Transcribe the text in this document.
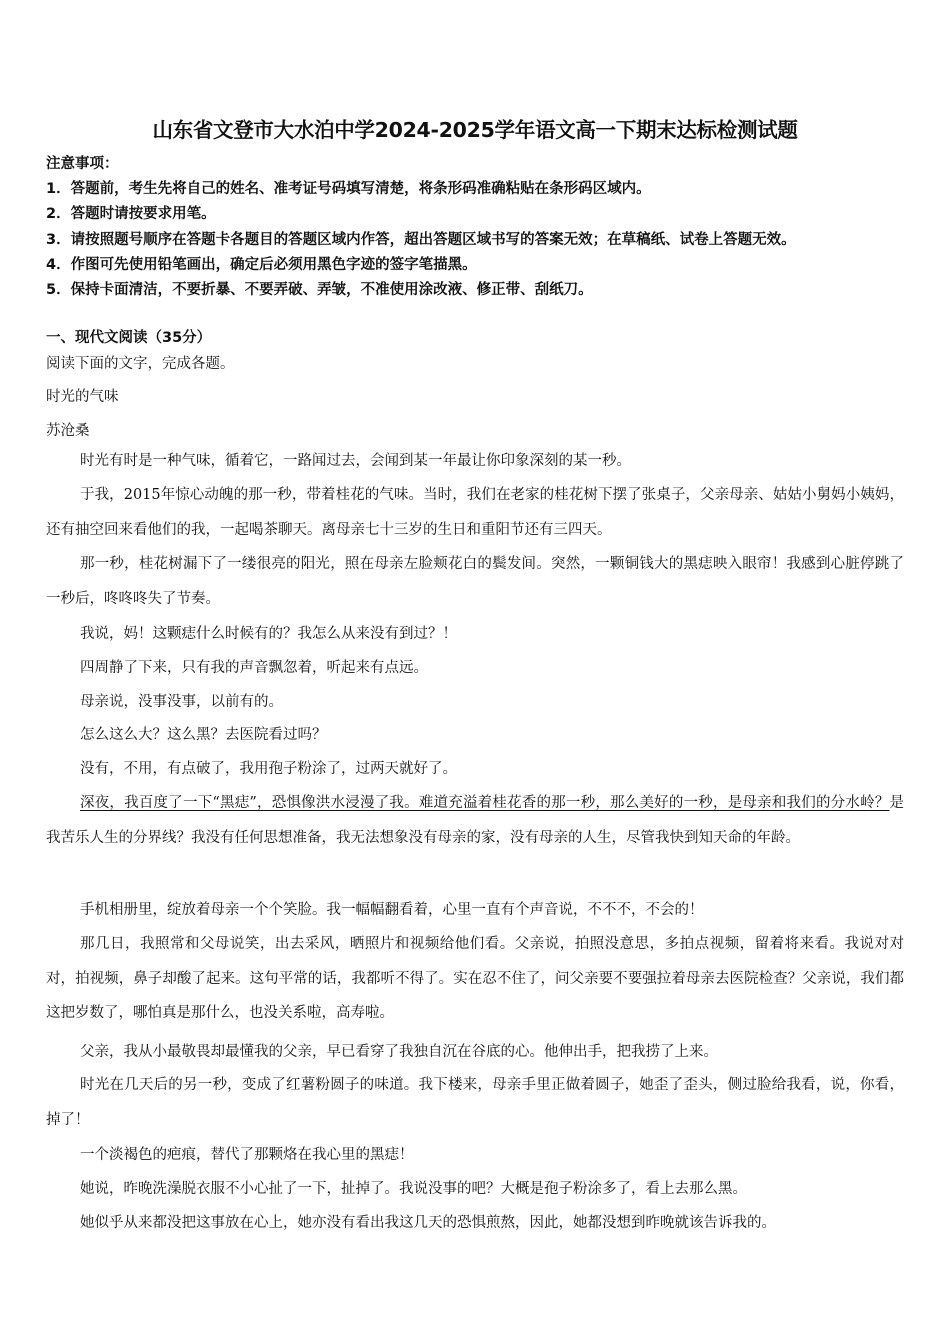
山东省文登市大水泊中学2024-2025学年语文高一下期末达标检测试题
注意事项：
1．答题前，考生先将自己的姓名、准考证号码填写清楚，将条形码准确粘贴在条形码区域内。
2．答题时请按要求用笔。
3．请按照题号顺序在答题卡各题目的答题区域内作答，超出答题区域书写的答案无效；在草稿纸、试卷上答题无效。
4．作图可先使用铅笔画出，确定后必须用黑色字迹的签字笔描黑。
5．保持卡面清洁，不要折暴、不要弄破、弄皱，不准使用涂改液、修正带、刮纸刀。
一、现代文阅读（35分）
阅读下面的文字，完成各题。
时光的气味
苏沧桑
时光有时是一种气味，循着它，一路闻过去，会闻到某一年最让你印象深刻的某一秒。
于我，2015年惊心动魄的那一秒，带着桂花的气味。当时，我们在老家的桂花树下摆了张桌子，父亲母亲、姑姑小舅妈小姨妈，还有抽空回来看他们的我，一起喝茶聊天。离母亲七十三岁的生日和重阳节还有三四天。
那一秒，桂花树漏下了一缕很亮的阳光，照在母亲左脸颊花白的鬓发间。突然，一颗铜钱大的黑痣映入眼帘！我感到心脏停跳了一秒后，咚咚咚失了节奏。
我说，妈！这颗痣什么时候有的？我怎么从来没有到过？！
四周静了下来，只有我的声音飘忽着，听起来有点远。
母亲说，没事没事，以前有的。
怎么这么大？这么黑？去医院看过吗？
没有，不用，有点破了，我用孢子粉涂了，过两天就好了。
深夜，我百度了一下“黑痣”，恐惧像洪水浸漫了我。难道充溢着桂花香的那一秒，那么美好的一秒，是母亲和我们的分水岭？是我苦乐人生的分界线？我没有任何思想准备，我无法想象没有母亲的家，没有母亲的人生，尽管我快到知天命的年龄。
手机相册里，绽放着母亲一个个笑脸。我一幅幅翻看着，心里一直有个声音说，不不不，不会的！
那几日，我照常和父母说笑，出去采风，晒照片和视频给他们看。父亲说，拍照没意思，多拍点视频，留着将来看。我说对对对，拍视频，鼻子却酸了起来。这句平常的话，我都听不得了。实在忍不住了，问父亲要不要强拉着母亲去医院检查？父亲说，我们都这把岁数了，哪怕真是那什么，也没关系啦，高寿啦。
父亲，我从小最敬畏却最懂我的父亲，早已看穿了我独自沉在谷底的心。他伸出手，把我捞了上来。
时光在几天后的另一秒，变成了红薯粉圆子的味道。我下楼来，母亲手里正做着圆子，她歪了歪头，侧过脸给我看，说，你看，掉了！
一个淡褐色的疤痕，替代了那颗烙在我心里的黑痣！
她说，昨晚洗澡脱衣服不小心扯了一下，扯掉了。我说没事的吧？大概是孢子粉涂多了，看上去那么黑。
她似乎从来都没把这事放在心上，她亦没有看出我这几天的恐惧煎熬，因此，她都没想到昨晚就该告诉我的。
